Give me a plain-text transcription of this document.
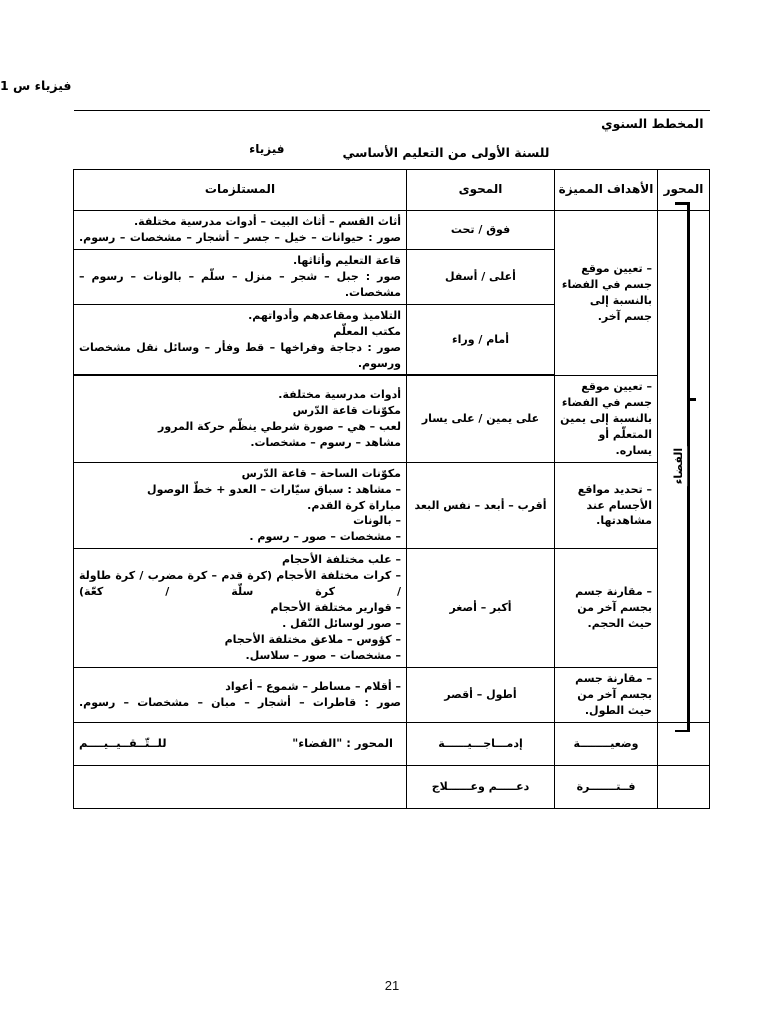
فيزياء س 1
المخطط السنوي
فيزياء للسنة الأولى من التعليم الأساسي			

المحور	الأهداف المميزة	المحوى	المستلزمات

الفضاء	– تعيين موقع جسم في الفضاء بالنسبة إلى جسم آخر.	فوق / تحت	أثاث القسم – أثاث البيت – أدوات مدرسية مختلفة.
صور : حيوانات – خيل – جسر – أشجار – مشخصات – رسوم.

		أعلى / أسفل	قاعة التعليم وأثاثها.
صور : جبل – شجر – منزل – سلّم – بالونات – رسوم – مشخصات.

		أمام / وراء	التلاميذ ومقاعدهم وأدواتهم.
مكتب المعلّم
صور : دجاجة وفراخها – قط وفأر – وسائل نقل مشخصات ورسوم.

	– تعيين موقع جسم في الفضاء بالنسبة إلى يمين المتعلّم أو يساره.	على يمين / على يسار	أدوات مدرسية مختلفة.
مكوّنات قاعة الدّرس
لعب – هي – صورة شرطي ينظّم حركة المرور
مشاهد – رسوم – مشخصات.

	– تحديد مواقع الأجسام عند مشاهدتها.	أقرب – أبعد – نفس البعد	مكوّنات الساحة – قاعة الدّرس
– مشاهد : سباق سيّارات – العدو + خطّ الوصول
مباراة كرة القدم.
– بالونات
– مشخصات – صور – رسوم .

– مقارنة جسم بجسم آخر من حيث الحجم.	أكبر – أصغر	
– علب مختلفة الأحجام
– كرات مختلفة الأحجام (كرة قدم – كرة مضرب / كرة طاولة / كرة سلّة / كعّة)
– قوارير مختلفة الأحجام
– صور لوسائل النّقل .
– كؤوس – ملاعق مختلفة الأحجام
– مشخصات – صور – سلاسل.

	– مقارنة جسم بجسم آخر من حيث الطول.	أطول – أقصر	– أقلام – مساطر – شموع – أعواد
صور : قاطرات – أشجار – مبان – مشخصات – رسوم.

	وضعيــــــــة	إدمـــاجـــيــــــة	المحور : "الفضاء"
للــتّــقــيــيــــم

	فــتـــــــرة	دعـــــم وعــــــلاج	
21
